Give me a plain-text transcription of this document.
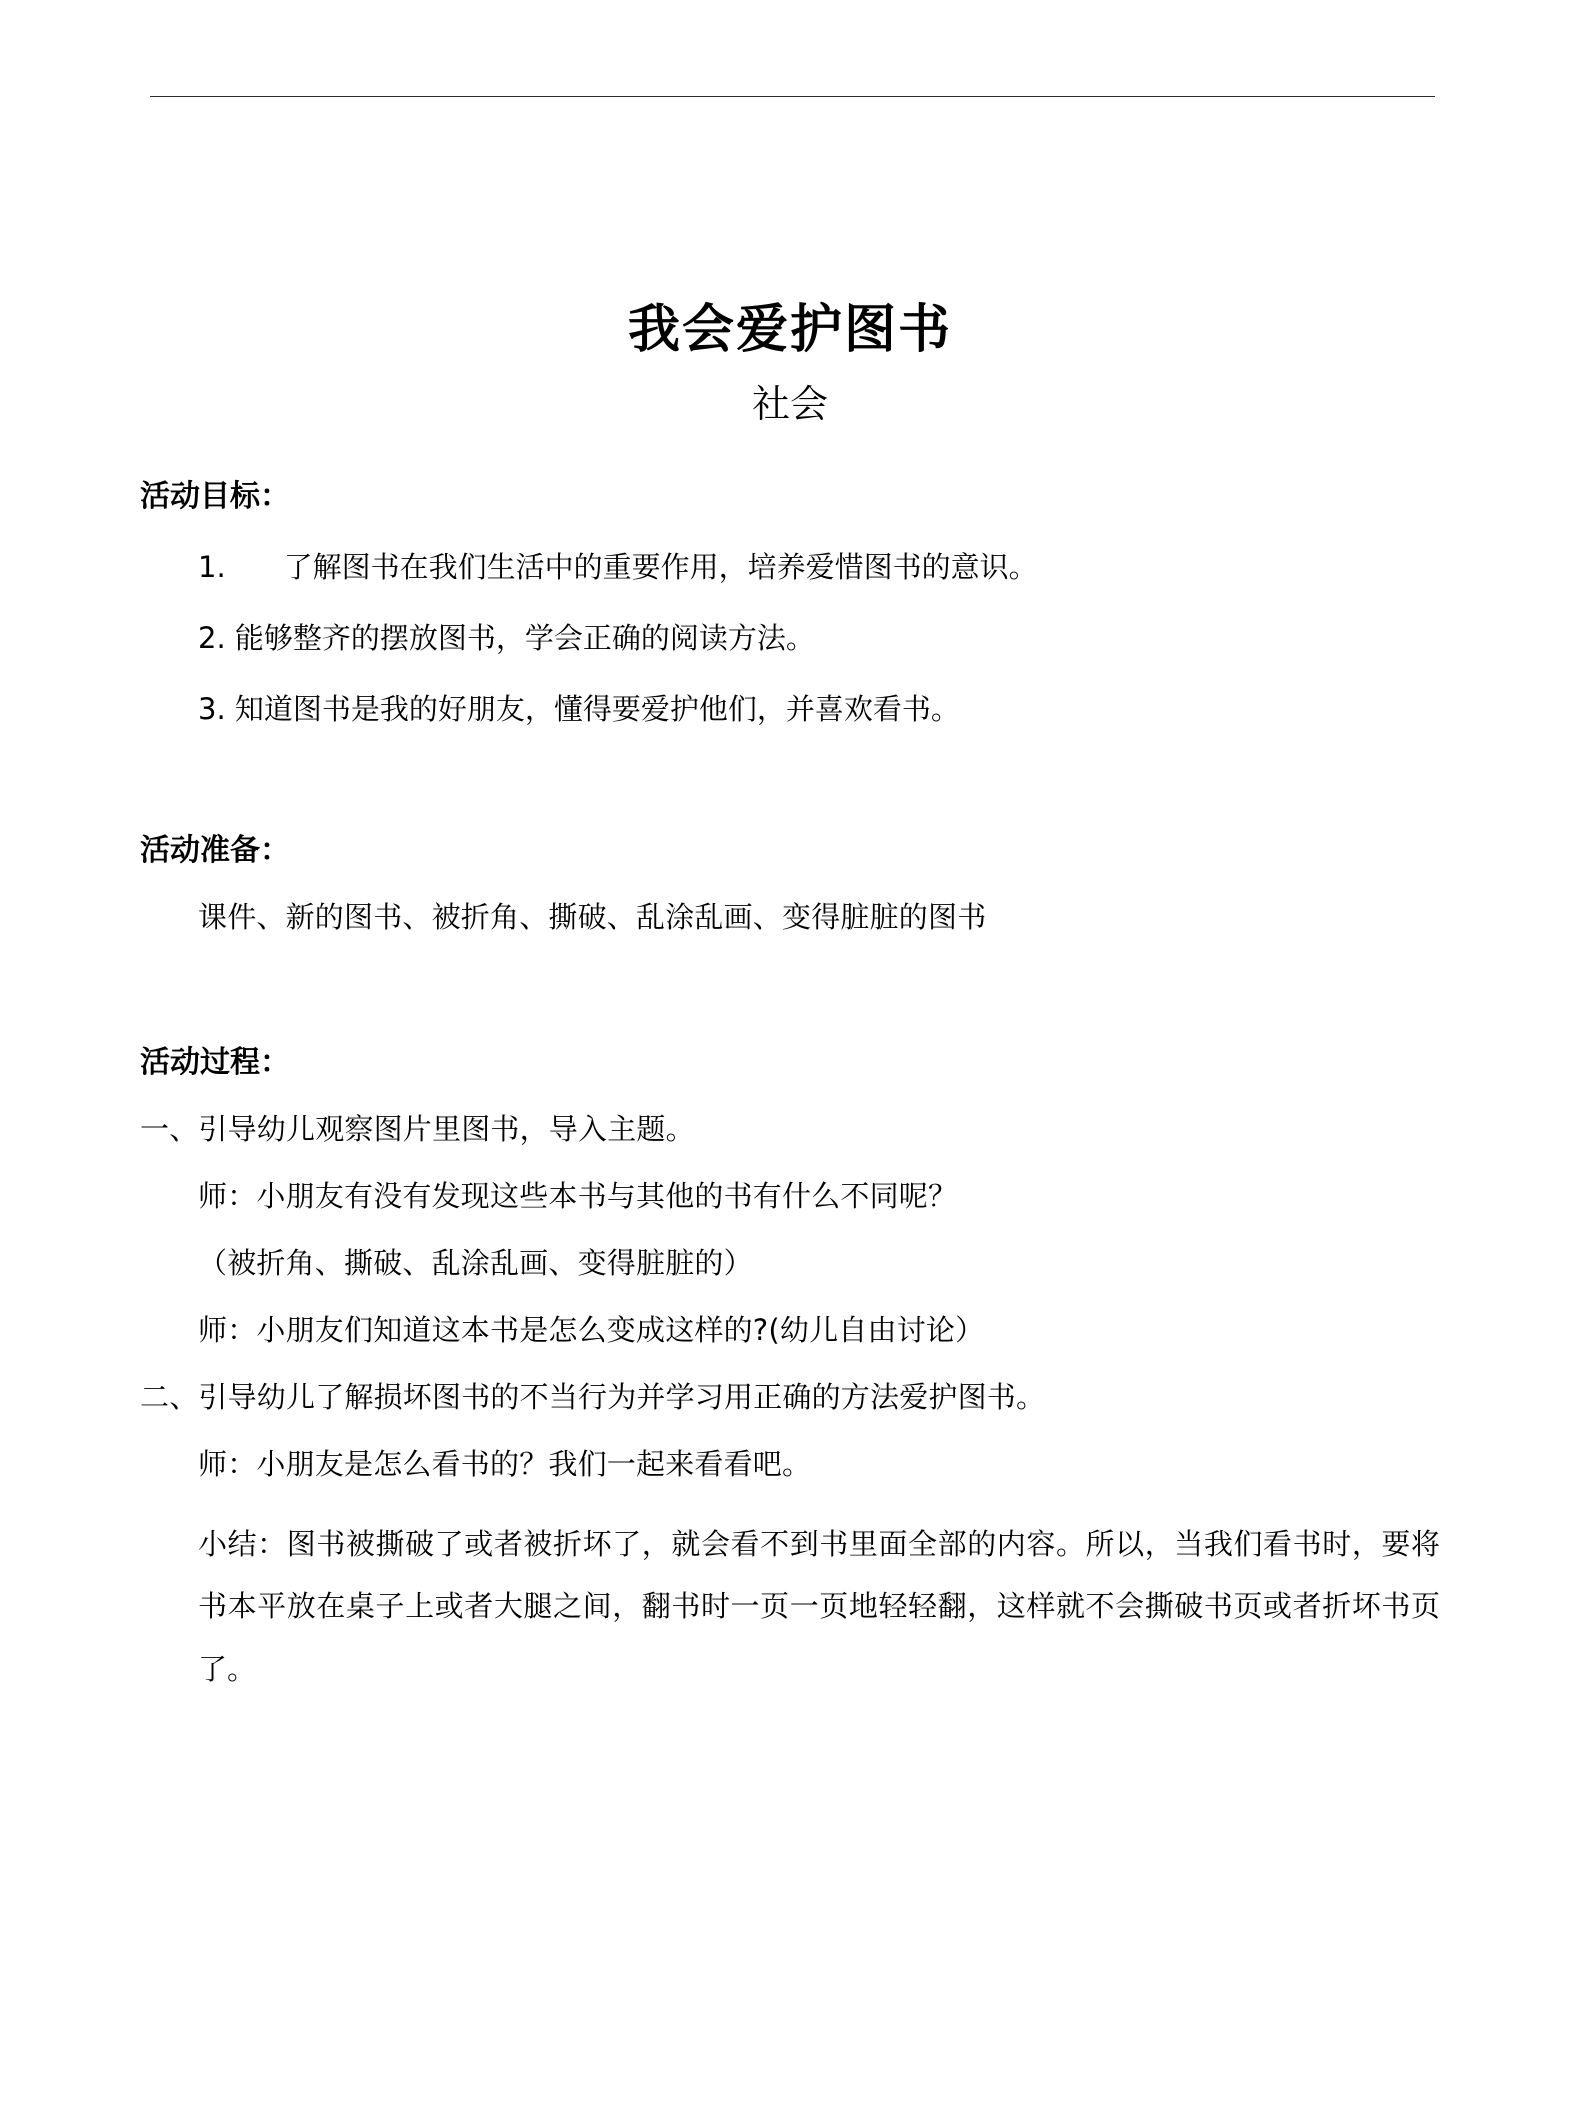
我会爱护图书
社会

活动目标：

1.　　了解图书在我们生活中的重要作用，培养爱惜图书的意识。

2. 能够整齐的摆放图书，学会正确的阅读方法。

3. 知道图书是我的好朋友，懂得要爱护他们，并喜欢看书。

活动准备：

课件、新的图书、被折角、撕破、乱涂乱画、变得脏脏的图书

活动过程：

一、引导幼儿观察图片里图书，导入主题。

师：小朋友有没有发现这些本书与其他的书有什么不同呢？

（被折角、撕破、乱涂乱画、变得脏脏的）

师：小朋友们知道这本书是怎么变成这样的?(幼儿自由讨论）

二、引导幼儿了解损坏图书的不当行为并学习用正确的方法爱护图书。

师：小朋友是怎么看书的？我们一起来看看吧。

小结：图书被撕破了或者被折坏了，就会看不到书里面全部的内容。所以，当我们看书时，要将书本平放在桌子上或者大腿之间，翻书时一页一页地轻轻翻，这样就不会撕破书页或者折坏书页了。
